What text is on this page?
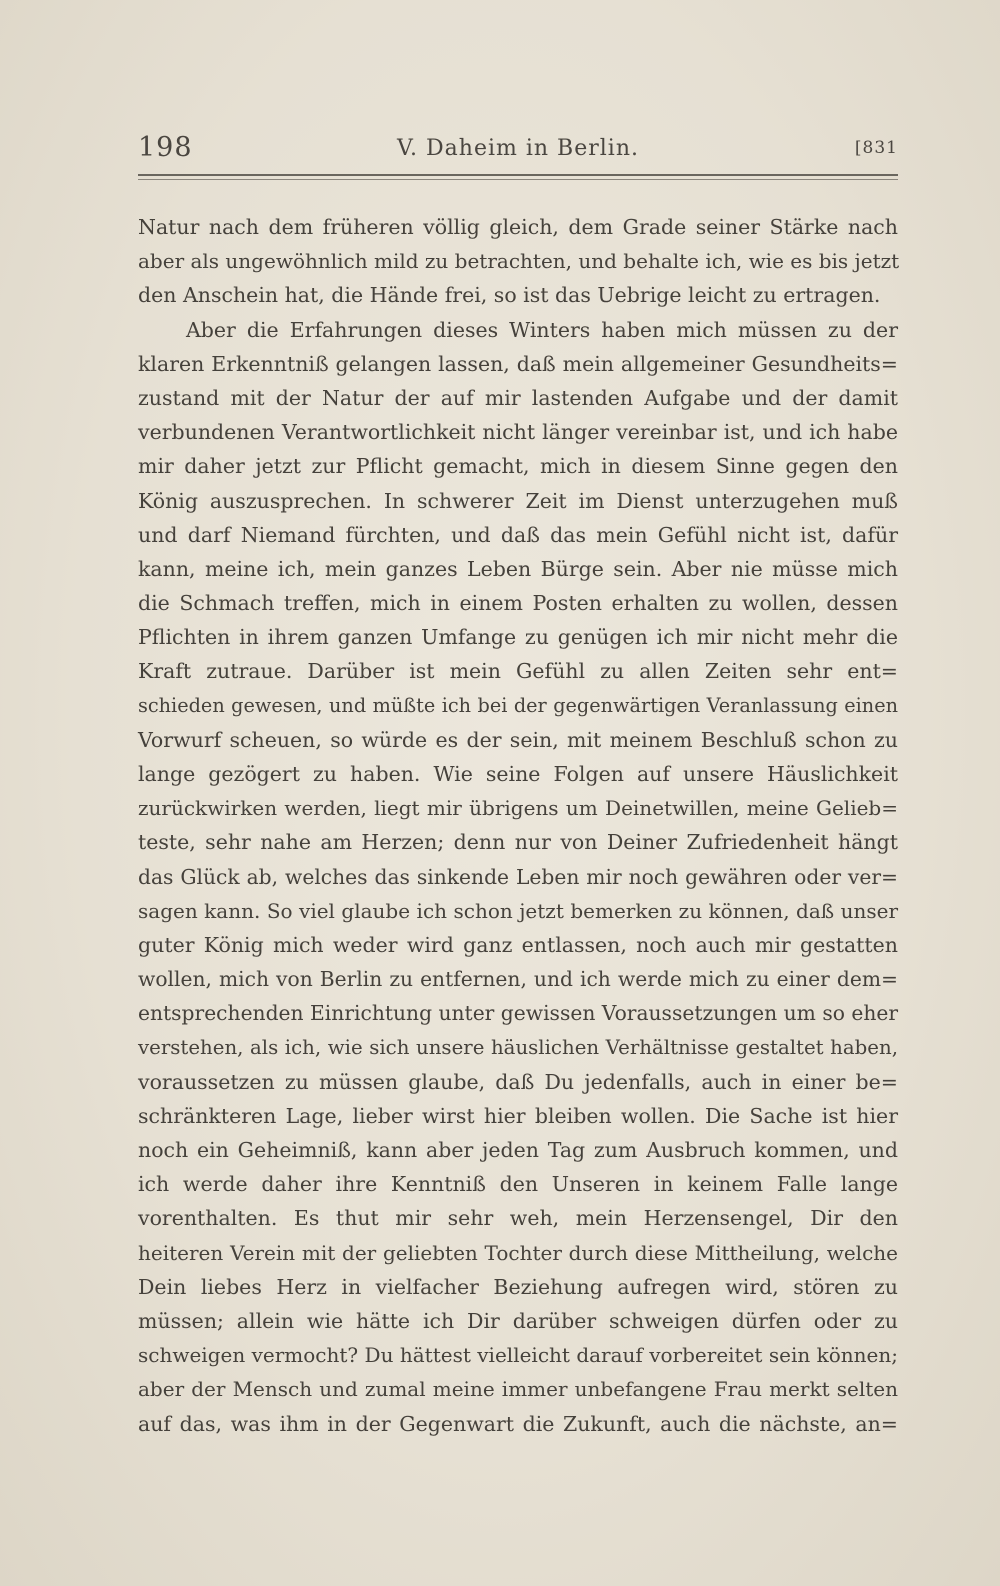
198	V. Daheim in Berlin.	[831
Natur nach dem früheren völlig gleich, dem Grade seiner Stärke nach
aber als ungewöhnlich mild zu betrachten, und behalte ich, wie es bis jetzt
den Anschein hat, die Hände frei, so ist das Uebrige leicht zu ertragen.
Aber die Erfahrungen dieses Winters haben mich müssen zu der
klaren Erkenntniß gelangen lassen, daß mein allgemeiner Gesundheits=
zustand mit der Natur der auf mir lastenden Aufgabe und der damit
verbundenen Verantwortlichkeit nicht länger vereinbar ist, und ich habe
mir daher jetzt zur Pflicht gemacht, mich in diesem Sinne gegen den
König auszusprechen. In schwerer Zeit im Dienst unterzugehen muß
und darf Niemand fürchten, und daß das mein Gefühl nicht ist, dafür
kann, meine ich, mein ganzes Leben Bürge sein. Aber nie müsse mich
die Schmach treffen, mich in einem Posten erhalten zu wollen, dessen
Pflichten in ihrem ganzen Umfange zu genügen ich mir nicht mehr die
Kraft zutraue. Darüber ist mein Gefühl zu allen Zeiten sehr ent=
schieden gewesen, und müßte ich bei der gegenwärtigen Veranlassung einen
Vorwurf scheuen, so würde es der sein, mit meinem Beschluß schon zu
lange gezögert zu haben. Wie seine Folgen auf unsere Häuslichkeit
zurückwirken werden, liegt mir übrigens um Deinetwillen, meine Gelieb=
teste, sehr nahe am Herzen; denn nur von Deiner Zufriedenheit hängt
das Glück ab, welches das sinkende Leben mir noch gewähren oder ver=
sagen kann. So viel glaube ich schon jetzt bemerken zu können, daß unser
guter König mich weder wird ganz entlassen, noch auch mir gestatten
wollen, mich von Berlin zu entfernen, und ich werde mich zu einer dem=
entsprechenden Einrichtung unter gewissen Voraussetzungen um so eher
verstehen, als ich, wie sich unsere häuslichen Verhältnisse gestaltet haben,
voraussetzen zu müssen glaube, daß Du jedenfalls, auch in einer be=
schränkteren Lage, lieber wirst hier bleiben wollen. Die Sache ist hier
noch ein Geheimniß, kann aber jeden Tag zum Ausbruch kommen, und
ich werde daher ihre Kenntniß den Unseren in keinem Falle lange
vorenthalten. Es thut mir sehr weh, mein Herzensengel, Dir den
heiteren Verein mit der geliebten Tochter durch diese Mittheilung, welche
Dein liebes Herz in vielfacher Beziehung aufregen wird, stören zu
müssen; allein wie hätte ich Dir darüber schweigen dürfen oder zu
schweigen vermocht? Du hättest vielleicht darauf vorbereitet sein können;
aber der Mensch und zumal meine immer unbefangene Frau merkt selten
auf das, was ihm in der Gegenwart die Zukunft, auch die nächste, an=
